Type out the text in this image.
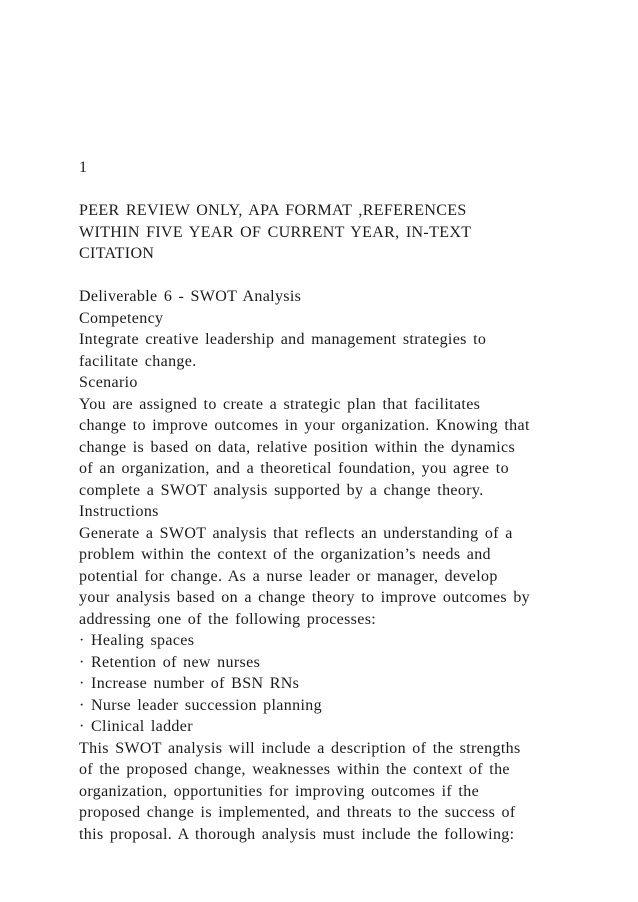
1
PEER REVIEW ONLY, APA FORMAT ,REFERENCES
WITHIN FIVE YEAR OF CURRENT YEAR, IN-TEXT
CITATION
Deliverable 6 - SWOT Analysis
Competency
Integrate creative leadership and management strategies to
facilitate change.
Scenario
You are assigned to create a strategic plan that facilitates
change to improve outcomes in your organization. Knowing that
change is based on data, relative position within the dynamics
of an organization, and a theoretical foundation, you agree to
complete a SWOT analysis supported by a change theory.
Instructions
Generate a SWOT analysis that reflects an understanding of a
problem within the context of the organization’s needs and
potential for change. As a nurse leader or manager, develop
your analysis based on a change theory to improve outcomes by
addressing one of the following processes:
· Healing spaces
· Retention of new nurses
· Increase number of BSN RNs
· Nurse leader succession planning
· Clinical ladder
This SWOT analysis will include a description of the strengths
of the proposed change, weaknesses within the context of the
organization, opportunities for improving outcomes if the
proposed change is implemented, and threats to the success of
this proposal. A thorough analysis must include the following:
